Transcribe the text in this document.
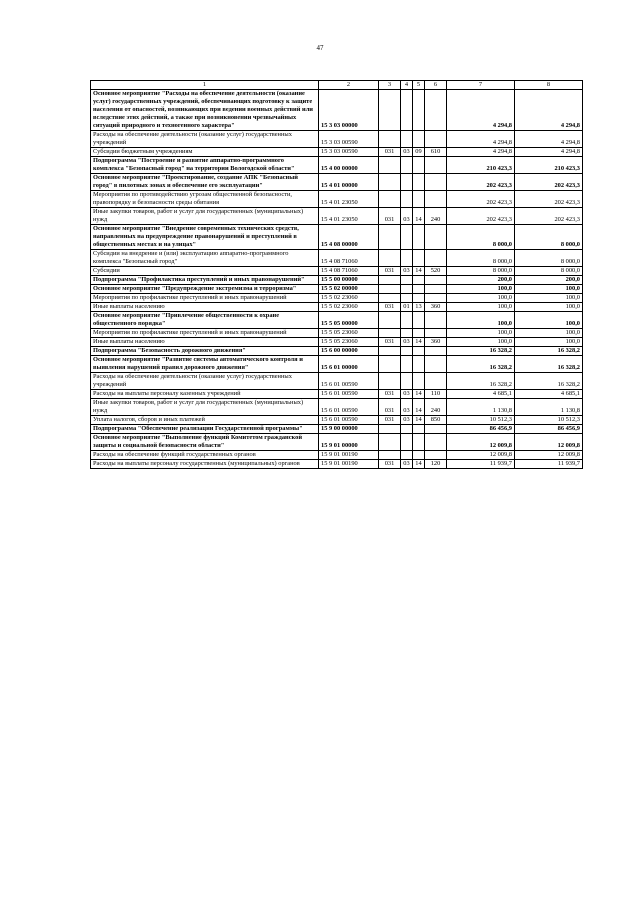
47
1	2	3	4	5	6	7	8
Основное мероприятие "Расходы на обеспечение деятельности (оказание услуг) государственных учреждений, обеспечивающих подготовку к защите населения от опасностей, возникающих при ведении военных действий или вследствие этих действий, а также при возникновении чрезвычайных ситуаций природного и техногенного характера"	15 3 03 00000					4 294,8	4 294,8
Расходы на обеспечение деятельности (оказание услуг) государственных учреждений	15 3 03 00590					4 294,8	4 294,8
Субсидии бюджетным учреждениям	15 3 03 00590	031	03	09	610	4 294,8	4 294,8
Подпрограмма "Построение и развитие аппаратно-программного комплекса "Безопасный город" на территории Вологодской области"	15 4 00 00000					210 423,3	210 423,3
Основное мероприятие "Проектирование, создание АПК "Безопасный город" в пилотных зонах и обеспечение его эксплуатации"	15 4 01 00000					202 423,3	202 423,3
Мероприятия по противодействию угрозам общественной безопасности, правопорядку и безопасности среды обитания	15 4 01 23050					202 423,3	202 423,3
Иные закупки товаров, работ и услуг для государственных (муниципальных) нужд	15 4 01 23050	031	03	14	240	202 423,3	202 423,3
Основное мероприятие "Внедрение современных технических средств, направленных на предупреждение правонарушений и преступлений в общественных местах и на улицах"	15 4 08 00000					8 000,0	8 000,0
Субсидии на внедрение и (или) эксплуатацию аппаратно-программного комплекса "Безопасный город"	15 4 08 71060					8 000,0	8 000,0
Субсидии	15 4 08 71060	031	03	14	520	8 000,0	8 000,0
Подпрограмма "Профилактика преступлений и иных правонарушений"	15 5 00 00000					200,0	200,0
Основное мероприятие "Предупреждение экстремизма и терроризма"	15 5 02 00000					100,0	100,0
Мероприятия по профилактике преступлений и иных правонарушений	15 5 02 23060					100,0	100,0
Иные выплаты населению	15 5 02 23060	031	01	13	360	100,0	100,0
Основное мероприятие "Привлечение общественности к охране общественного порядка"	15 5 05 00000					100,0	100,0
Мероприятия по профилактике преступлений и иных правонарушений	15 5 05 23060					100,0	100,0
Иные выплаты населению	15 5 05 23060	031	03	14	360	100,0	100,0
Подпрограмма "Безопасность дорожного движения"	15 6 00 00000					16 328,2	16 328,2
Основное мероприятие "Развитие системы автоматического контроля и выявления нарушений правил дорожного движения"	15 6 01 00000					16 328,2	16 328,2
Расходы на обеспечение деятельности (оказание услуг) государственных учреждений	15 6 01 00590					16 328,2	16 328,2
Расходы на выплаты персоналу казенных учреждений	15 6 01 00590	031	03	14	110	4 685,1	4 685,1
Иные закупки товаров, работ и услуг для государственных (муниципальных) нужд	15 6 01 00590	031	03	14	240	1 130,8	1 130,8
Уплата налогов, сборов и иных платежей	15 6 01 00590	031	03	14	850	10 512,3	10 512,3
Подпрограмма "Обеспечение реализации Государственной программы"	15 9 00 00000					86 456,9	86 456,9
Основное мероприятие "Выполнение функций Комитетом гражданской защиты и социальной безопасности области"	15 9 01 00000					12 009,8	12 009,8
Расходы на обеспечение функций государственных органов	15 9 01 00190					12 009,8	12 009,8
Расходы на выплаты персоналу государственных (муниципальных) органов	15 9 01 00190	031	03	14	120	11 939,7	11 939,7
